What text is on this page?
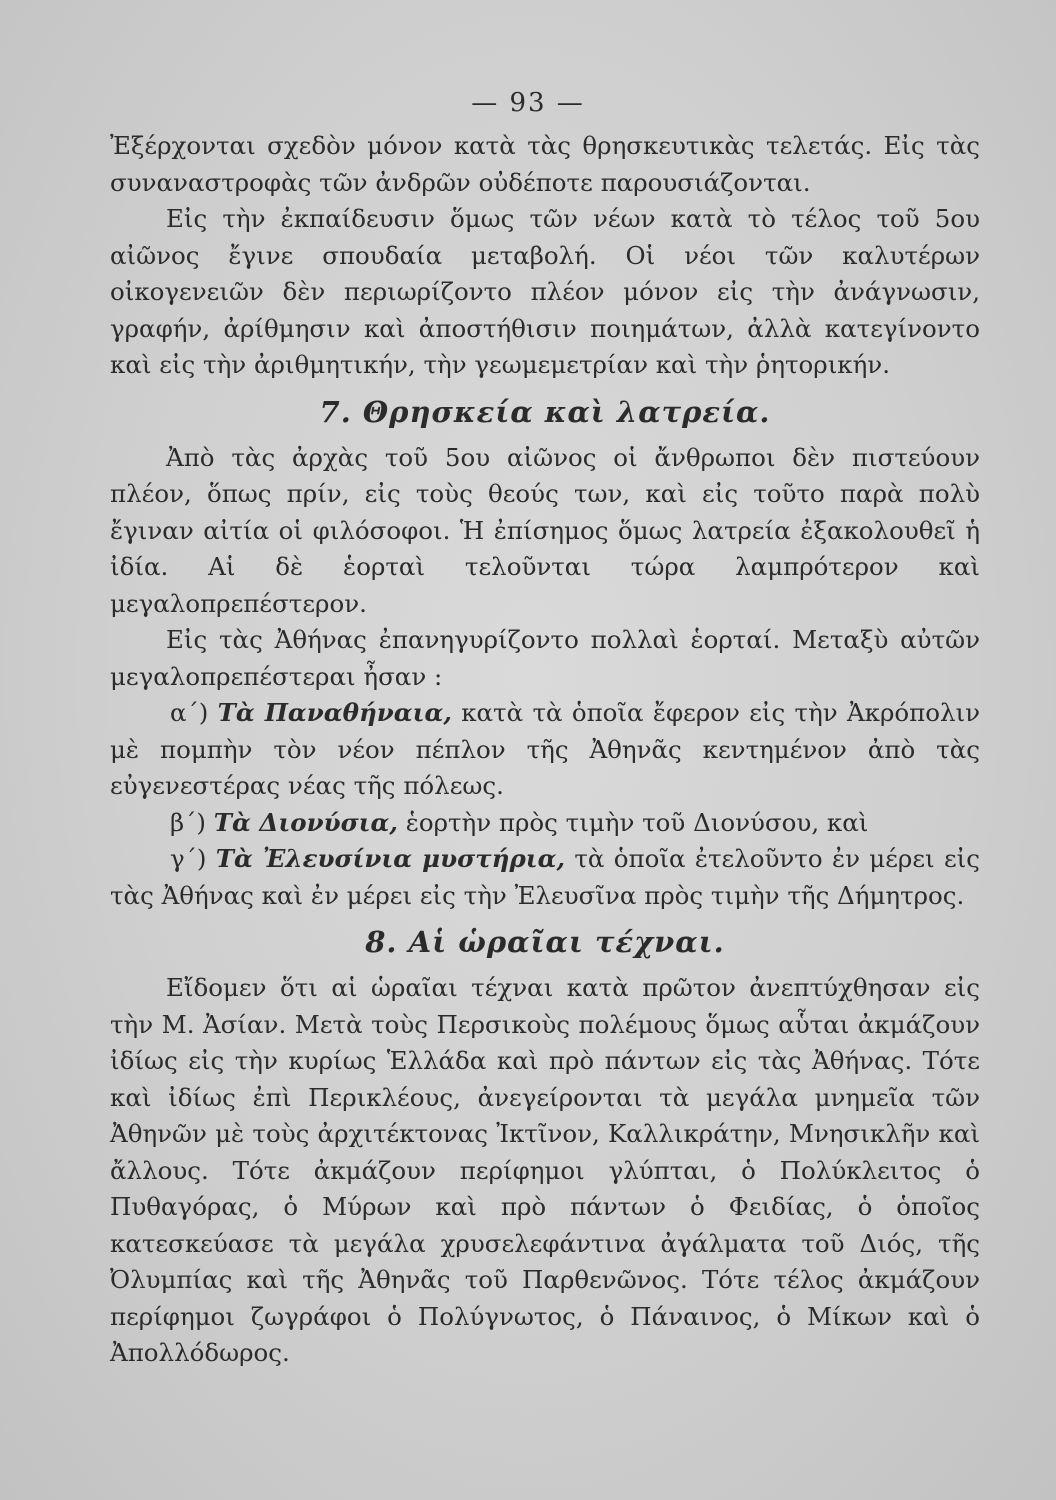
— 93 —

Ἐξέρχονται σχεδὸν μόνον κατὰ τὰς θρησκευτικὰς τελετάς. Εἰς τὰς συναναστροφὰς τῶν ἀνδρῶν οὐδέποτε παρουσιάζονται.

Εἰς τὴν ἐκπαίδευσιν ὅμως τῶν νέων κατὰ τὸ τέλος τοῦ 5ου αἰῶνος ἔγινε σπουδαία μεταβολή. Οἱ νέοι τῶν καλυτέρων οἰκογενειῶν δὲν περιωρίζοντο πλέον μόνον εἰς τὴν ἀνάγνωσιν, γραφήν, ἀρίθμησιν καὶ ἀποστήθισιν ποιημάτων, ἀλλὰ κατεγίνοντο καὶ εἰς τὴν ἀριθμητικήν, τὴν γεωμεμετρίαν καὶ τὴν ῥητορικήν.

7. Θρησκεία καὶ λατρεία.

Ἀπὸ τὰς ἀρχὰς τοῦ 5ου αἰῶνος οἱ ἄνθρωποι δὲν πιστεύουν πλέον, ὅπως πρίν, εἰς τοὺς θεούς των, καὶ εἰς τοῦτο παρὰ πολὺ ἔγιναν αἰτία οἱ φιλόσοφοι. Ἡ ἐπίσημος ὅμως λατρεία ἐξακολουθεῖ ἡ ἰδία. Αἱ δὲ ἑορταὶ τελοῦνται τώρα λαμπρότερον καὶ μεγαλοπρεπέστερον.

Εἰς τὰς Ἀθήνας ἐπανηγυρίζοντο πολλαὶ ἑορταί. Μεταξὺ αὐτῶν μεγαλοπρεπέστεραι ἦσαν :

α΄) Τὰ Παναθήναια, κατὰ τὰ ὁποῖα ἔφερον εἰς τὴν Ἀκρόπολιν μὲ πομπὴν τὸν νέον πέπλον τῆς Ἀθηνᾶς κεντημένον ἀπὸ τὰς εὐγενεστέρας νέας τῆς πόλεως.

β΄) Τὰ Διονύσια, ἑορτὴν πρὸς τιμὴν τοῦ Διονύσου, καὶ

γ΄) Τὰ Ἐλευσίνια μυστήρια, τὰ ὁποῖα ἐτελοῦντο ἐν μέρει εἰς τὰς Ἀθήνας καὶ ἐν μέρει εἰς τὴν Ἐλευσῖνα πρὸς τιμὴν τῆς Δήμητρος.

8. Αἱ ὡραῖαι τέχναι.

Εἴδομεν ὅτι αἱ ὡραῖαι τέχναι κατὰ πρῶτον ἀνεπτύχθησαν εἰς τὴν Μ. Ἀσίαν. Μετὰ τοὺς Περσικοὺς πολέμους ὅμως αὗται ἀκμάζουν ἰδίως εἰς τὴν κυρίως Ἑλλάδα καὶ πρὸ πάντων εἰς τὰς Ἀθήνας. Τότε καὶ ἰδίως ἐπὶ Περικλέους, ἀνεγείρονται τὰ μεγάλα μνημεῖα τῶν Ἀθηνῶν μὲ τοὺς ἀρχιτέκτονας Ἰκτῖνον, Καλλικράτην, Μνησικλῆν καὶ ἄλλους. Τότε ἀκμάζουν περίφημοι γλύπται, ὁ Πολύκλειτος ὁ Πυθαγόρας, ὁ Μύρων καὶ πρὸ πάντων ὁ Φειδίας, ὁ ὁποῖος κατεσκεύασε τὰ μεγάλα χρυσελεφάντινα ἀγάλματα τοῦ Διός, τῆς Ὀλυμπίας καὶ τῆς Ἀθηνᾶς τοῦ Παρθενῶνος. Τότε τέλος ἀκμάζουν περίφημοι ζωγράφοι ὁ Πολύγνωτος, ὁ Πάναινος, ὁ Μίκων καὶ ὁ Ἀπολλόδωρος.
